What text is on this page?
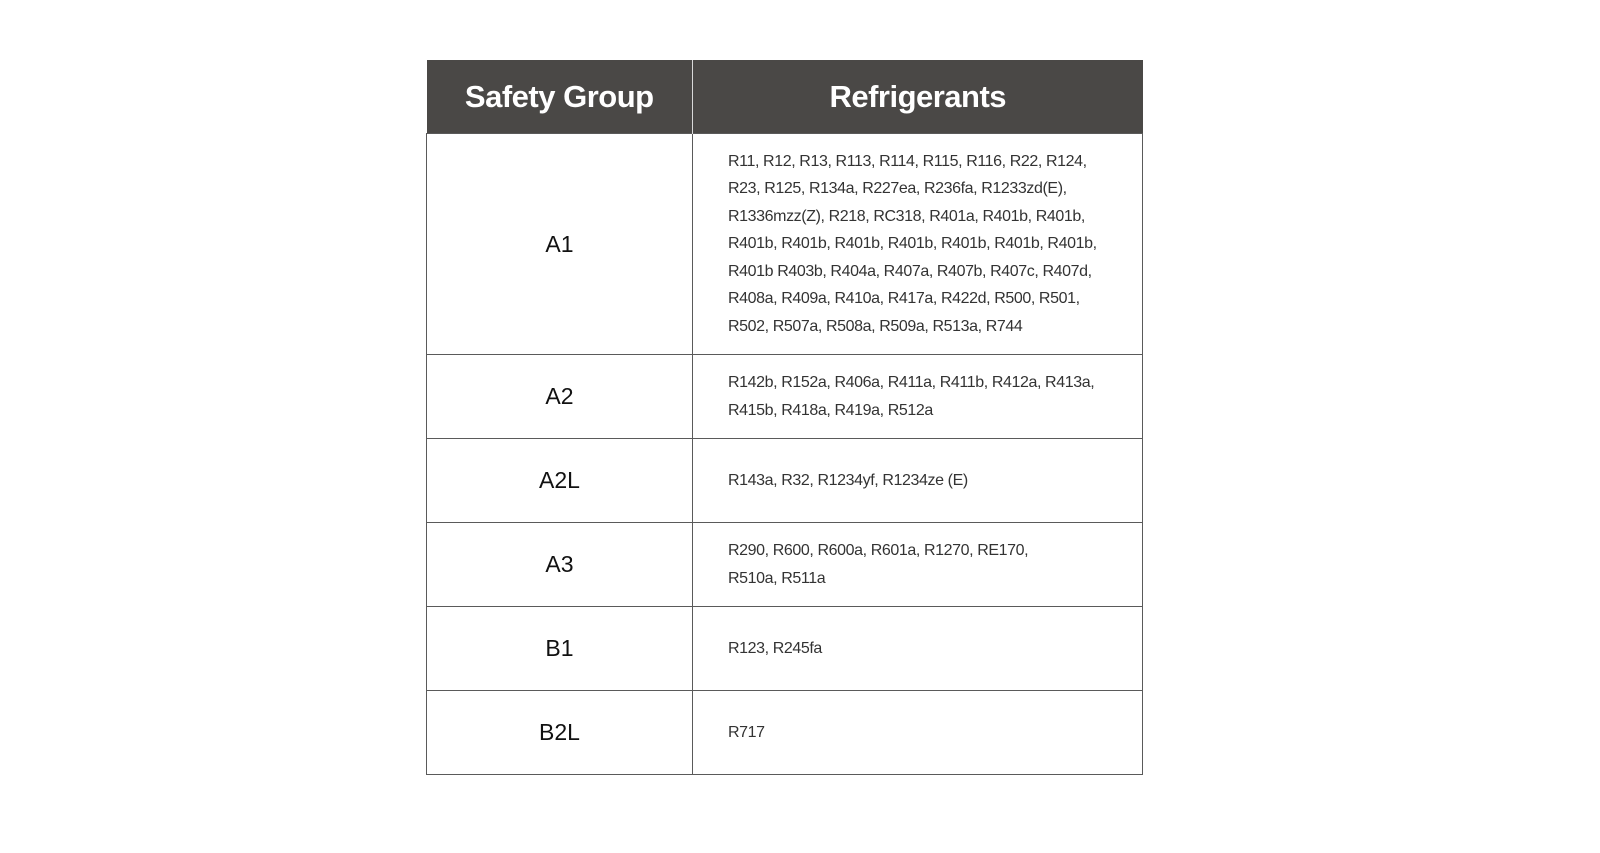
Safety Group	Refrigerants
A1	
R11, R12, R13, R113, R114, R115, R116, R22, R124,
R23, R125, R134a, R227ea, R236fa, R1233zd(E),
R1336mzz(Z), R218, RC318, R401a, R401b, R401b,
R401b, R401b, R401b, R401b, R401b, R401b, R401b,
R401b R403b, R404a, R407a, R407b, R407c, R407d,
R408a, R409a, R410a, R417a, R422d, R500, R501,
R502, R507a, R508a, R509a, R513a, R744

A2	R142b, R152a, R406a, R411a, R411b, R412a, R413a,
R415b, R418a, R419a, R512a

A2L	R143a, R32, R1234yf, R1234ze (E)

A3	R290, R600, R600a, R601a, R1270, RE170,
R510a, R511a

B1	R123, R245fa

B2L	R717
